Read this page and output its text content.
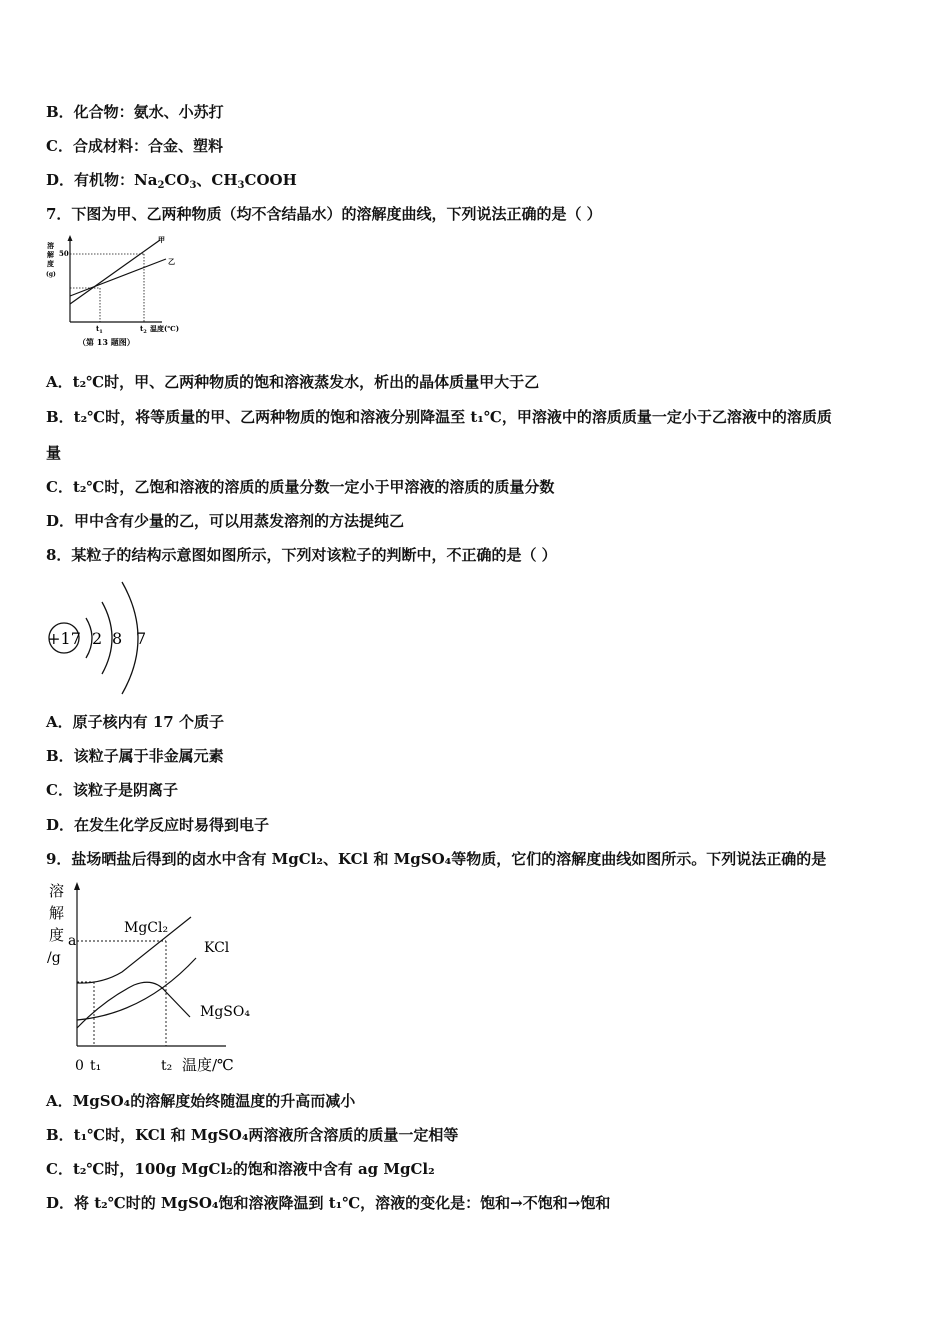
B．化合物：氨水、小苏打
C．合成材料：合金、塑料
D．有机物：$Na_2CO_3$、$CH_3COOH$
7．下图为甲、乙两种物质（均不含结晶水）的溶解度曲线，下列说法正确的是（ ）
溶
解
度
(g)
50
甲
乙
$t_1$	$t_2$ 温度(℃)
（第 13 题图）
A．t₂℃时，甲、乙两种物质的饱和溶液蒸发水，析出的晶体质量甲大于乙
B．t₂℃时，将等质量的甲、乙两种物质的饱和溶液分别降温至 t₁℃，甲溶液中的溶质质量一定小于乙溶液中的溶质质
量
C．t₂℃时，乙饱和溶液的溶质的质量分数一定小于甲溶液的溶质的质量分数
D．甲中含有少量的乙，可以用蒸发溶剂的方法提纯乙
8．某粒子的结构示意图如图所示，下列对该粒子的判断中，不正确的是（ ）
+17 2 8 7
A．原子核内有 17 个质子
B．该粒子属于非金属元素
C．该粒子是阴离子
D．在发生化学反应时易得到电子
9．盐场晒盐后得到的卤水中含有 MgCl₂、KCl 和 MgSO₄等物质，它们的溶解度曲线如图所示。下列说法正确的是
溶
解
度
/g
a
MgCl₂
KCl
MgSO₄
0 t₁	t₂ 温度/℃
A．MgSO₄的溶解度始终随温度的升高而减小
B．t₁℃时，KCl 和 MgSO₄两溶液所含溶质的质量一定相等
C．t₂℃时，100g MgCl₂的饱和溶液中含有 ag MgCl₂
D．将 t₂℃时的 MgSO₄饱和溶液降温到 t₁℃，溶液的变化是：饱和→不饱和→饱和
